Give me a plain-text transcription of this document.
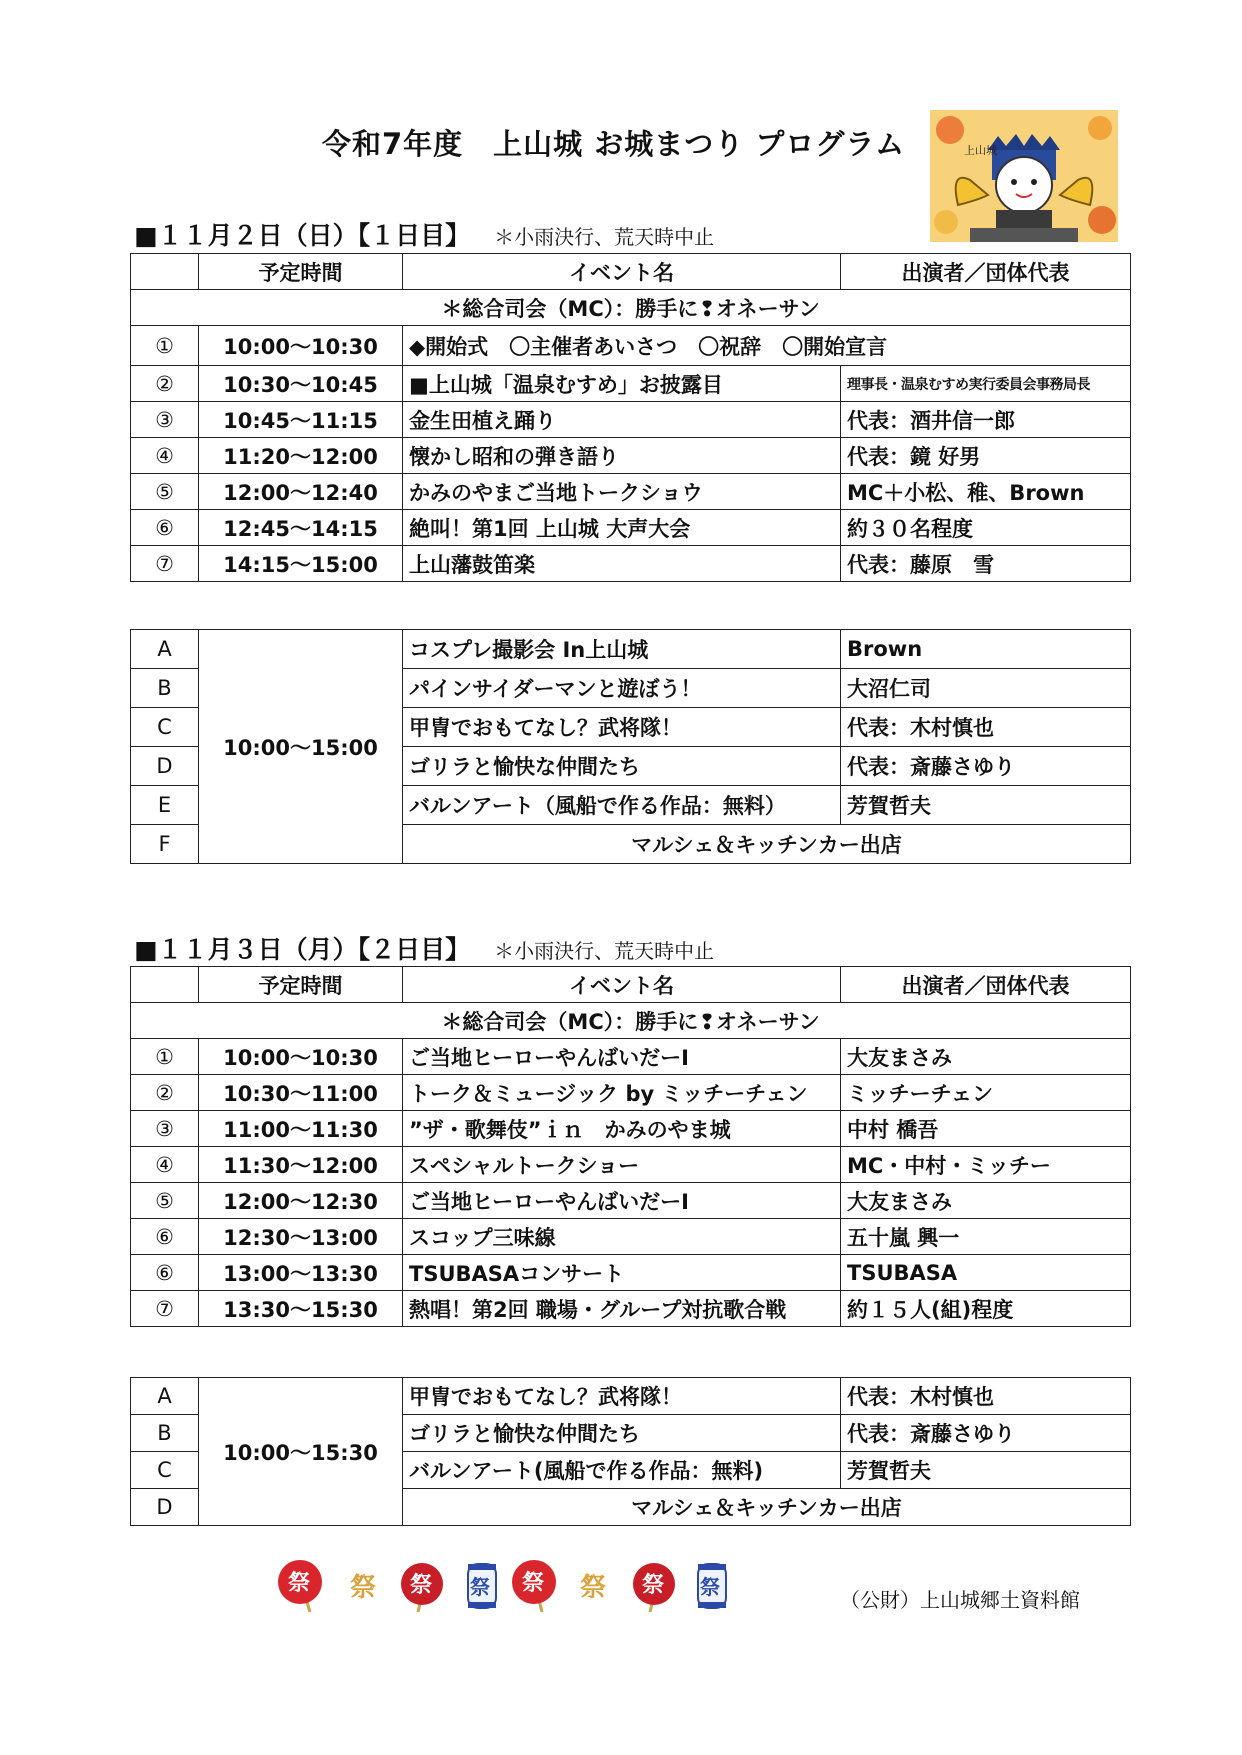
令和7年度　上山城 お城まつり プログラム	上山城
■１１月２日（日）【１日目】 ＊小雨決行、荒天時中止
	予定時間	イベント名	出演者／団体代表
＊総合司会（MC）：勝手に❢オネーサン			
①	10:00〜10:30	◆開始式　〇主催者あいさつ　〇祝辞　〇開始宣言	
②	10:30〜10:45	■上山城「温泉むすめ」お披露目	理事長・温泉むすめ実行委員会事務局長
③	10:45〜11:15	金生田植え踊り	代表：酒井信一郎
④	11:20〜12:00	懐かし昭和の弾き語り	代表：鏡 好男
⑤	12:00〜12:40	かみのやまご当地トークショウ	MC＋小松、稚、Brown
⑥	12:45〜14:15	絶叫！第1回 上山城 大声大会	約３０名程度
⑦	14:15〜15:00	上山藩鼓笛楽	代表：藤原　雪
A	10:00〜15:00	コスプレ撮影会 In上山城	Brown
B		パインサイダーマンと遊ぼう！	大沼仁司
C		甲冑でおもてなし？武将隊！	代表：木村慎也
D		ゴリラと愉快な仲間たち	代表：斎藤さゆり
E		バルンアート（風船で作る作品：無料）	芳賀哲夫
F		マルシェ＆キッチンカー出店	
■１１月３日（月）【２日目】 ＊小雨決行、荒天時中止
	予定時間	イベント名	出演者／団体代表
＊総合司会（MC）：勝手に❢オネーサン			
①	10:00〜10:30	ご当地ヒーローやんばいだーⅠ	大友まさみ
②	10:30〜11:00	トーク＆ミュージック by ミッチーチェン	ミッチーチェン
③	11:00〜11:30	”ザ・歌舞伎”ｉｎ　かみのやま城	中村 橋吾
④	11:30〜12:00	スペシャルトークショー	MC・中村・ミッチー
⑤	12:00〜12:30	ご当地ヒーローやんばいだーⅠ	大友まさみ
⑥	12:30〜13:00	スコップ三味線	五十嵐 興一
⑥	13:00〜13:30	TSUBASAコンサート	TSUBASA
⑦	13:30〜15:30	熱唱！第2回 職場・グループ対抗歌合戦	約１５人(組)程度
A	10:00〜15:30	甲冑でおもてなし？武将隊！	代表：木村慎也
B		ゴリラと愉快な仲間たち	代表：斎藤さゆり
C		バルンアート(風船で作る作品：無料)	芳賀哲夫
D		マルシェ＆キッチンカー出店	
祭 祭 祭 祭 祭 祭 祭 祭
（公財）上山城郷土資料館
